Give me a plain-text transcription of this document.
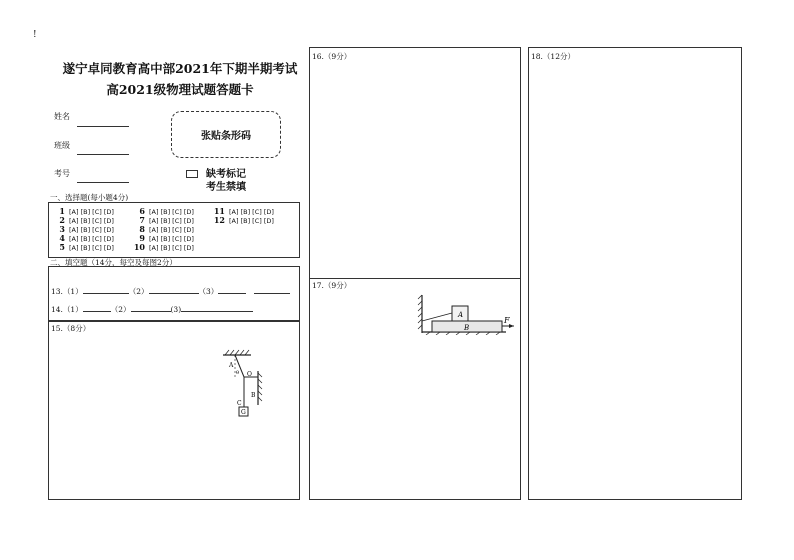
!
遂宁卓同教育高中部2021年下期半期考试
高2021级物理试题答题卡
姓名
班级
考号
张贴条形码
缺考标记
考生禁填
一、选择题(每小题4分)
1 [A] [B] [C] [D]
2 [A] [B] [C] [D]
3 [A] [B] [C] [D]
4 [A] [B] [C] [D]
5 [A] [B] [C] [D]
6 [A] [B] [C] [D]
7 [A] [B] [C] [D]
8 [A] [B] [C] [D]
9 [A] [B] [C] [D]
10 [A] [B] [C] [D]
11 [A] [B] [C] [D]
12 [A] [B] [C] [D]
二、填空题（14分，每空及每图2分）
13.（1）	（2）	（3）
14.（1）	（2）	(3)
15.（8分）
A
θ O
C
B
G
16.（9分）
17.（9分）
A
B
F
18.（12分）
